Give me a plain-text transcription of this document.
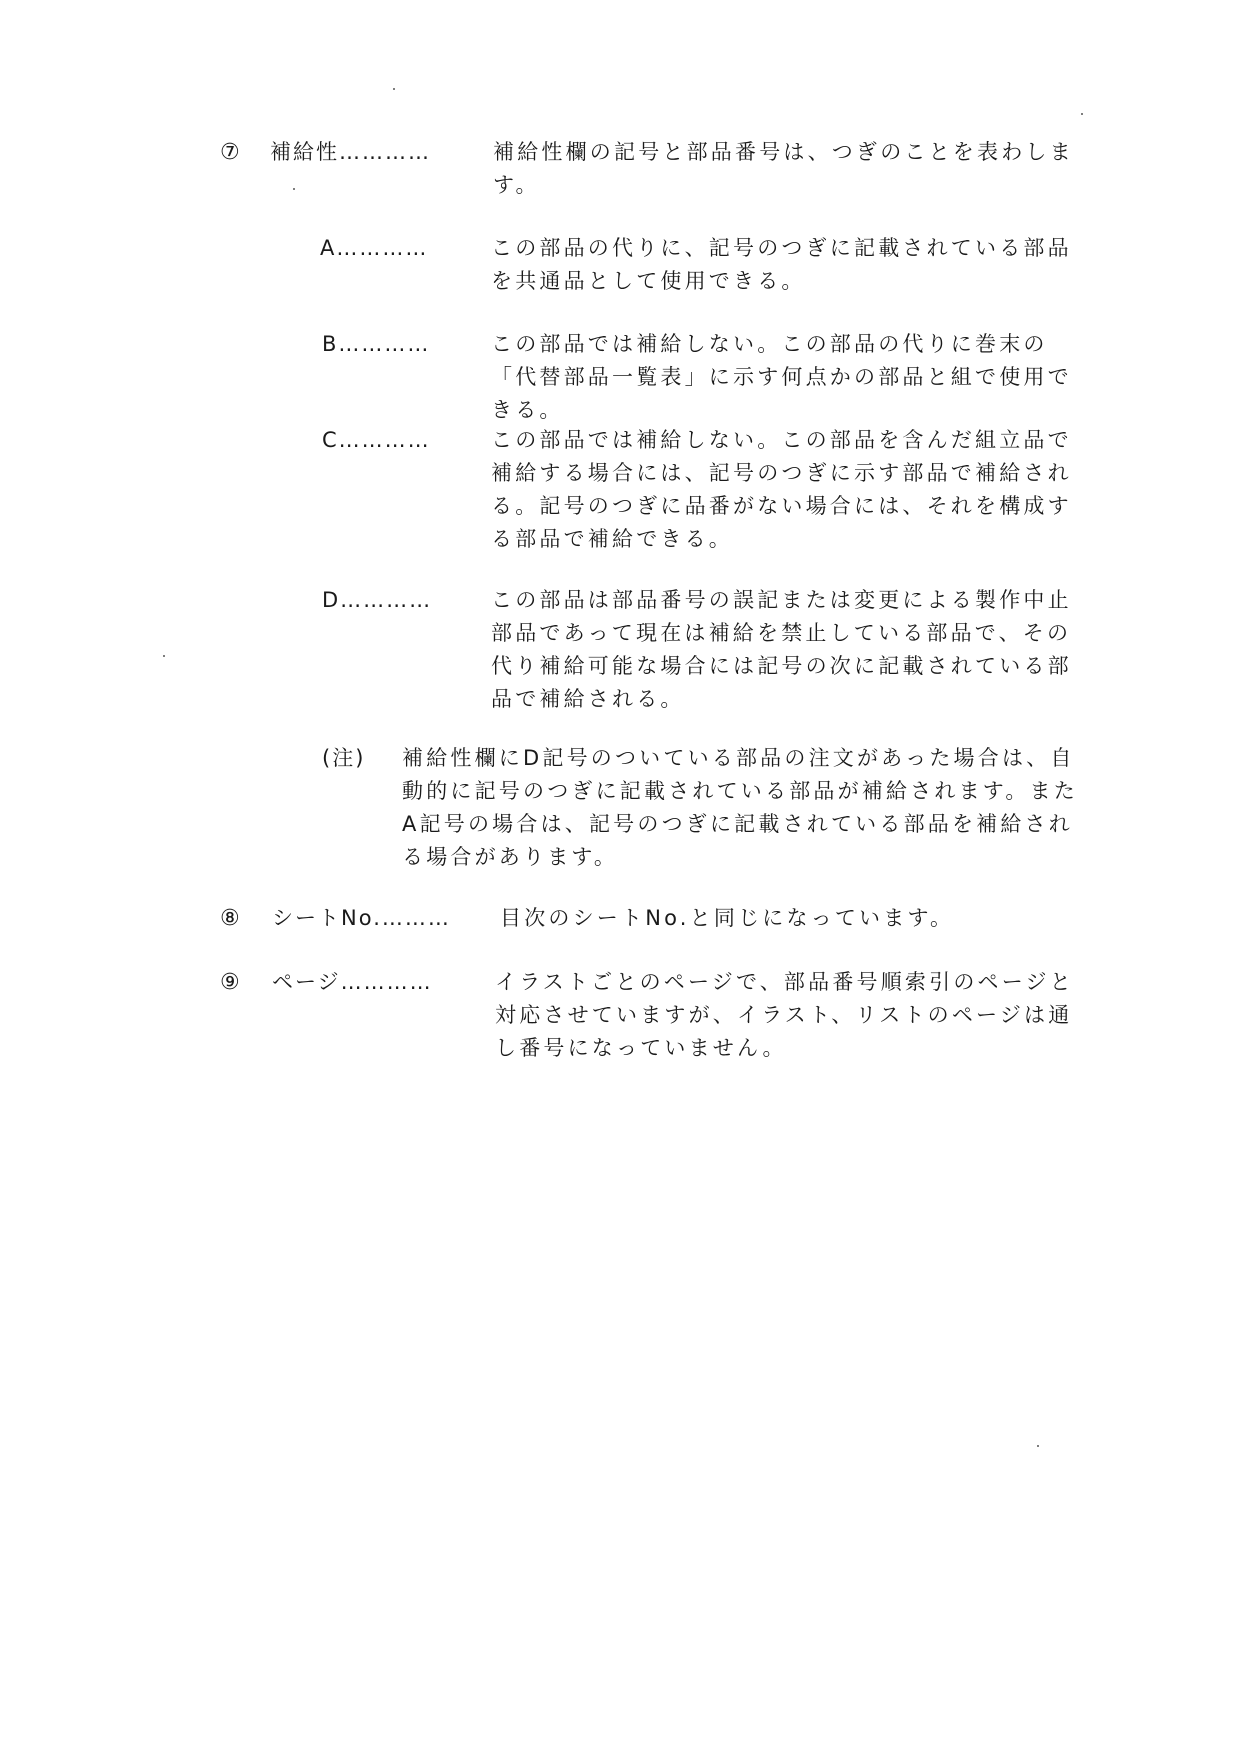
⑦ 補給性…………	補給性欄の記号と部品番号は、つぎのことを表わします。
A…………	この部品の代りに、記号のつぎに記載されている部品を共通品として使用できる。
B…………	この部品では補給しない。この部品の代りに巻末の「代替部品一覧表」に示す何点かの部品と組で使用できる。
C…………	この部品では補給しない。この部品を含んだ組立品で補給する場合には、記号のつぎに示す部品で補給される。記号のつぎに品番がない場合には、それを構成する部品で補給できる。
D…………	この部品は部品番号の誤記または変更による製作中止部品であって現在は補給を禁止している部品で、その代り補給可能な場合には記号の次に記載されている部品で補給される。
(注) 補給性欄にD記号のついている部品の注文があった場合は、自動的に記号のつぎに記載されている部品が補給されます。またA記号の場合は、記号のつぎに記載されている部品を補給される場合があります。
⑧ シートNo.……… 目次のシートNo.と同じになっています。
⑨ ページ…………	イラストごとのページで、部品番号順索引のページと対応させていますが、イラスト、リストのページは通し番号になっていません。
